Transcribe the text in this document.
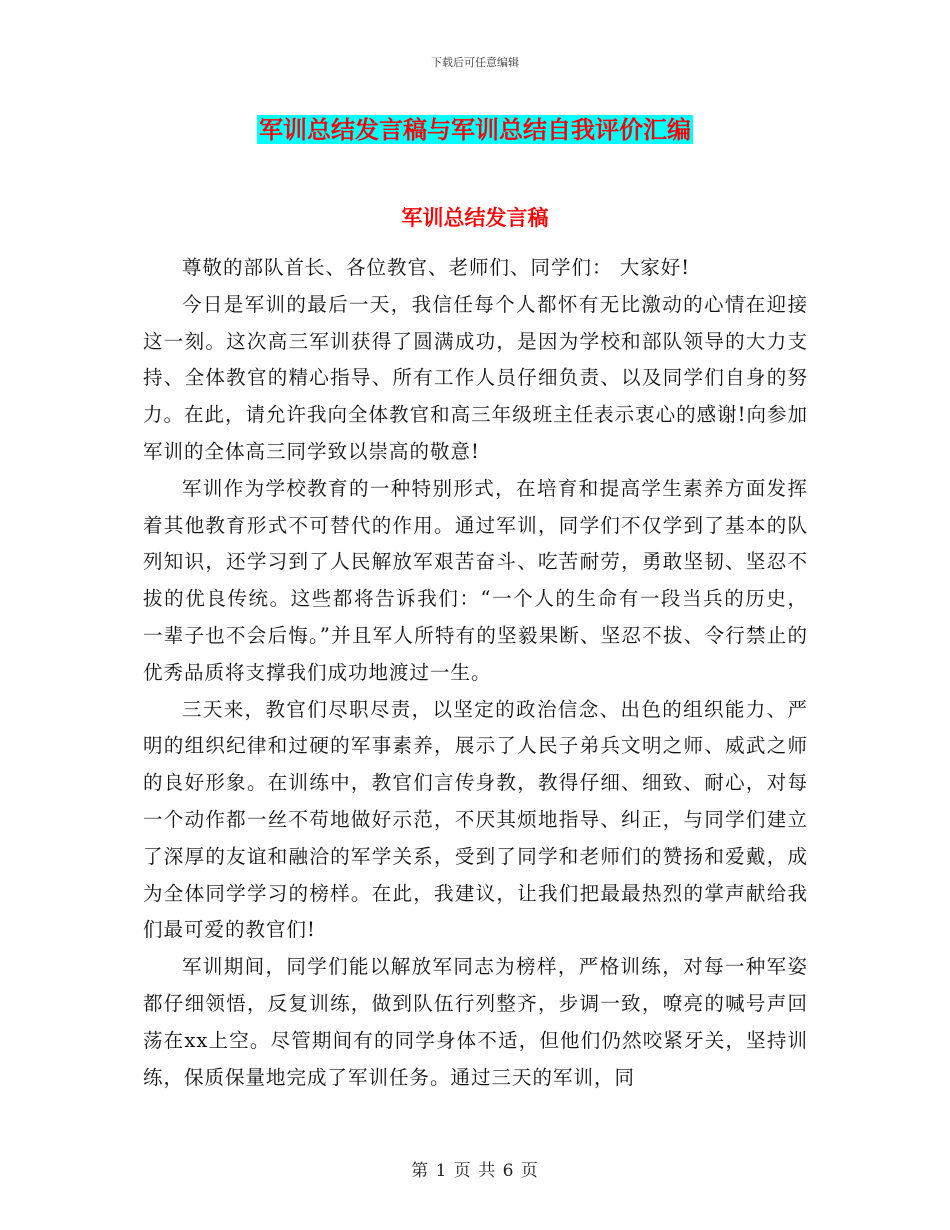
下载后可任意编辑
军训总结发言稿与军训总结自我评价汇编
军训总结发言稿

尊敬的部队首长、各位教官、老师们、同学们： 大家好!

今日是军训的最后一天，我信任每个人都怀有无比激动的心情在迎接这一刻。这次高三军训获得了圆满成功，是因为学校和部队领导的大力支持、全体教官的精心指导、所有工作人员仔细负责、以及同学们自身的努力。在此，请允许我向全体教官和高三年级班主任表示衷心的感谢!向参加军训的全体高三同学致以崇高的敬意!

军训作为学校教育的一种特别形式，在培育和提高学生素养方面发挥着其他教育形式不可替代的作用。通过军训，同学们不仅学到了基本的队列知识，还学习到了人民解放军艰苦奋斗、吃苦耐劳，勇敢坚韧、坚忍不拔的优良传统。这些都将告诉我们：“一个人的生命有一段当兵的历史，一辈子也不会后悔。”并且军人所特有的坚毅果断、坚忍不拔、令行禁止的优秀品质将支撑我们成功地渡过一生。

三天来，教官们尽职尽责，以坚定的政治信念、出色的组织能力、严明的组织纪律和过硬的军事素养，展示了人民子弟兵文明之师、威武之师的良好形象。在训练中，教官们言传身教，教得仔细、细致、耐心，对每一个动作都一丝不苟地做好示范，不厌其烦地指导、纠正，与同学们建立了深厚的友谊和融洽的军学关系，受到了同学和老师们的赞扬和爱戴，成为全体同学学习的榜样。在此，我建议，让我们把最最热烈的掌声献给我们最可爱的教官们!

军训期间，同学们能以解放军同志为榜样，严格训练，对每一种军姿都仔细领悟，反复训练，做到队伍行列整齐，步调一致，嘹亮的喊号声回荡在xx上空。尽管期间有的同学身体不适，但他们仍然咬紧牙关，坚持训练，保质保量地完成了军训任务。通过三天的军训，同

第 1 页 共 6 页
